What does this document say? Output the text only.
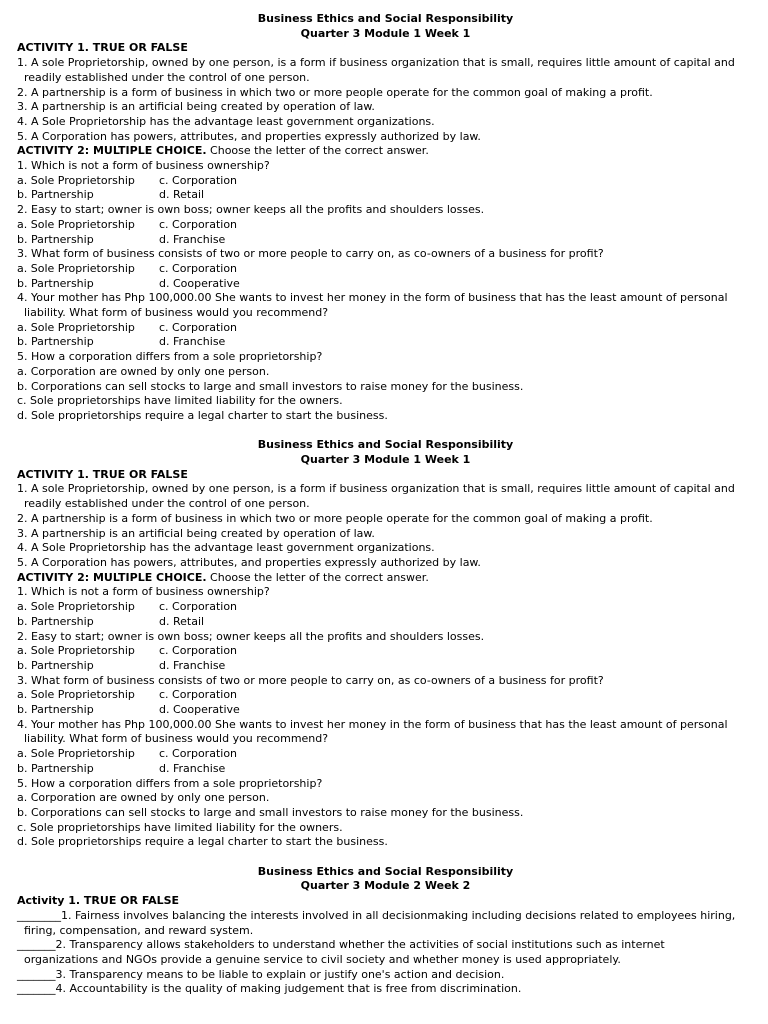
Business Ethics and Social Responsibility
Quarter 3 Module 1 Week 1
ACTIVITY 1. TRUE OR FALSE
1. A sole Proprietorship, owned by one person, is a form if business organization that is small, requires little amount of capital and
readily established under the control of one person.
2. A partnership is a form of business in which two or more people operate for the common goal of making a profit.
3. A partnership is an artificial being created by operation of law.
4. A Sole Proprietorship has the advantage least government organizations.
5. A Corporation has powers, attributes, and properties expressly authorized by law.
ACTIVITY 2: MULTIPLE CHOICE. Choose the letter of the correct answer.
1. Which is not a form of business ownership?
a. Sole Proprietorship	c. Corporation
b. Partnership	d. Retail
2. Easy to start; owner is own boss; owner keeps all the profits and shoulders losses.
a. Sole Proprietorship	c. Corporation
b. Partnership	d. Franchise
3. What form of business consists of two or more people to carry on, as co-owners of a business for profit?
a. Sole Proprietorship	c. Corporation
b. Partnership	d. Cooperative
4. Your mother has Php 100,000.00 She wants to invest her money in the form of business that has the least amount of personal
liability. What form of business would you recommend?
a. Sole Proprietorship	c. Corporation
b. Partnership	d. Franchise
5. How a corporation differs from a sole proprietorship?
a. Corporation are owned by only one person.
b. Corporations can sell stocks to large and small investors to raise money for the business.
c. Sole proprietorships have limited liability for the owners.
d. Sole proprietorships require a legal charter to start the business.
Business Ethics and Social Responsibility
Quarter 3 Module 1 Week 1
ACTIVITY 1. TRUE OR FALSE
1. A sole Proprietorship, owned by one person, is a form if business organization that is small, requires little amount of capital and
readily established under the control of one person.
2. A partnership is a form of business in which two or more people operate for the common goal of making a profit.
3. A partnership is an artificial being created by operation of law.
4. A Sole Proprietorship has the advantage least government organizations.
5. A Corporation has powers, attributes, and properties expressly authorized by law.
ACTIVITY 2: MULTIPLE CHOICE. Choose the letter of the correct answer.
1. Which is not a form of business ownership?
a. Sole Proprietorship	c. Corporation
b. Partnership	d. Retail
2. Easy to start; owner is own boss; owner keeps all the profits and shoulders losses.
a. Sole Proprietorship	c. Corporation
b. Partnership	d. Franchise
3. What form of business consists of two or more people to carry on, as co-owners of a business for profit?
a. Sole Proprietorship	c. Corporation
b. Partnership	d. Cooperative
4. Your mother has Php 100,000.00 She wants to invest her money in the form of business that has the least amount of personal
liability. What form of business would you recommend?
a. Sole Proprietorship	c. Corporation
b. Partnership	d. Franchise
5. How a corporation differs from a sole proprietorship?
a. Corporation are owned by only one person.
b. Corporations can sell stocks to large and small investors to raise money for the business.
c. Sole proprietorships have limited liability for the owners.
d. Sole proprietorships require a legal charter to start the business.
Business Ethics and Social Responsibility
Quarter 3 Module 2 Week 2
Activity 1. TRUE OR FALSE
________1. Fairness involves balancing the interests involved in all decisionmaking including decisions related to employees hiring,
firing, compensation, and reward system.
_______2. Transparency allows stakeholders to understand whether the activities of social institutions such as internet
organizations and NGOs provide a genuine service to civil society and whether money is used appropriately.
_______3. Transparency means to be liable to explain or justify one's action and decision.
_______4. Accountability is the quality of making judgement that is free from discrimination.
